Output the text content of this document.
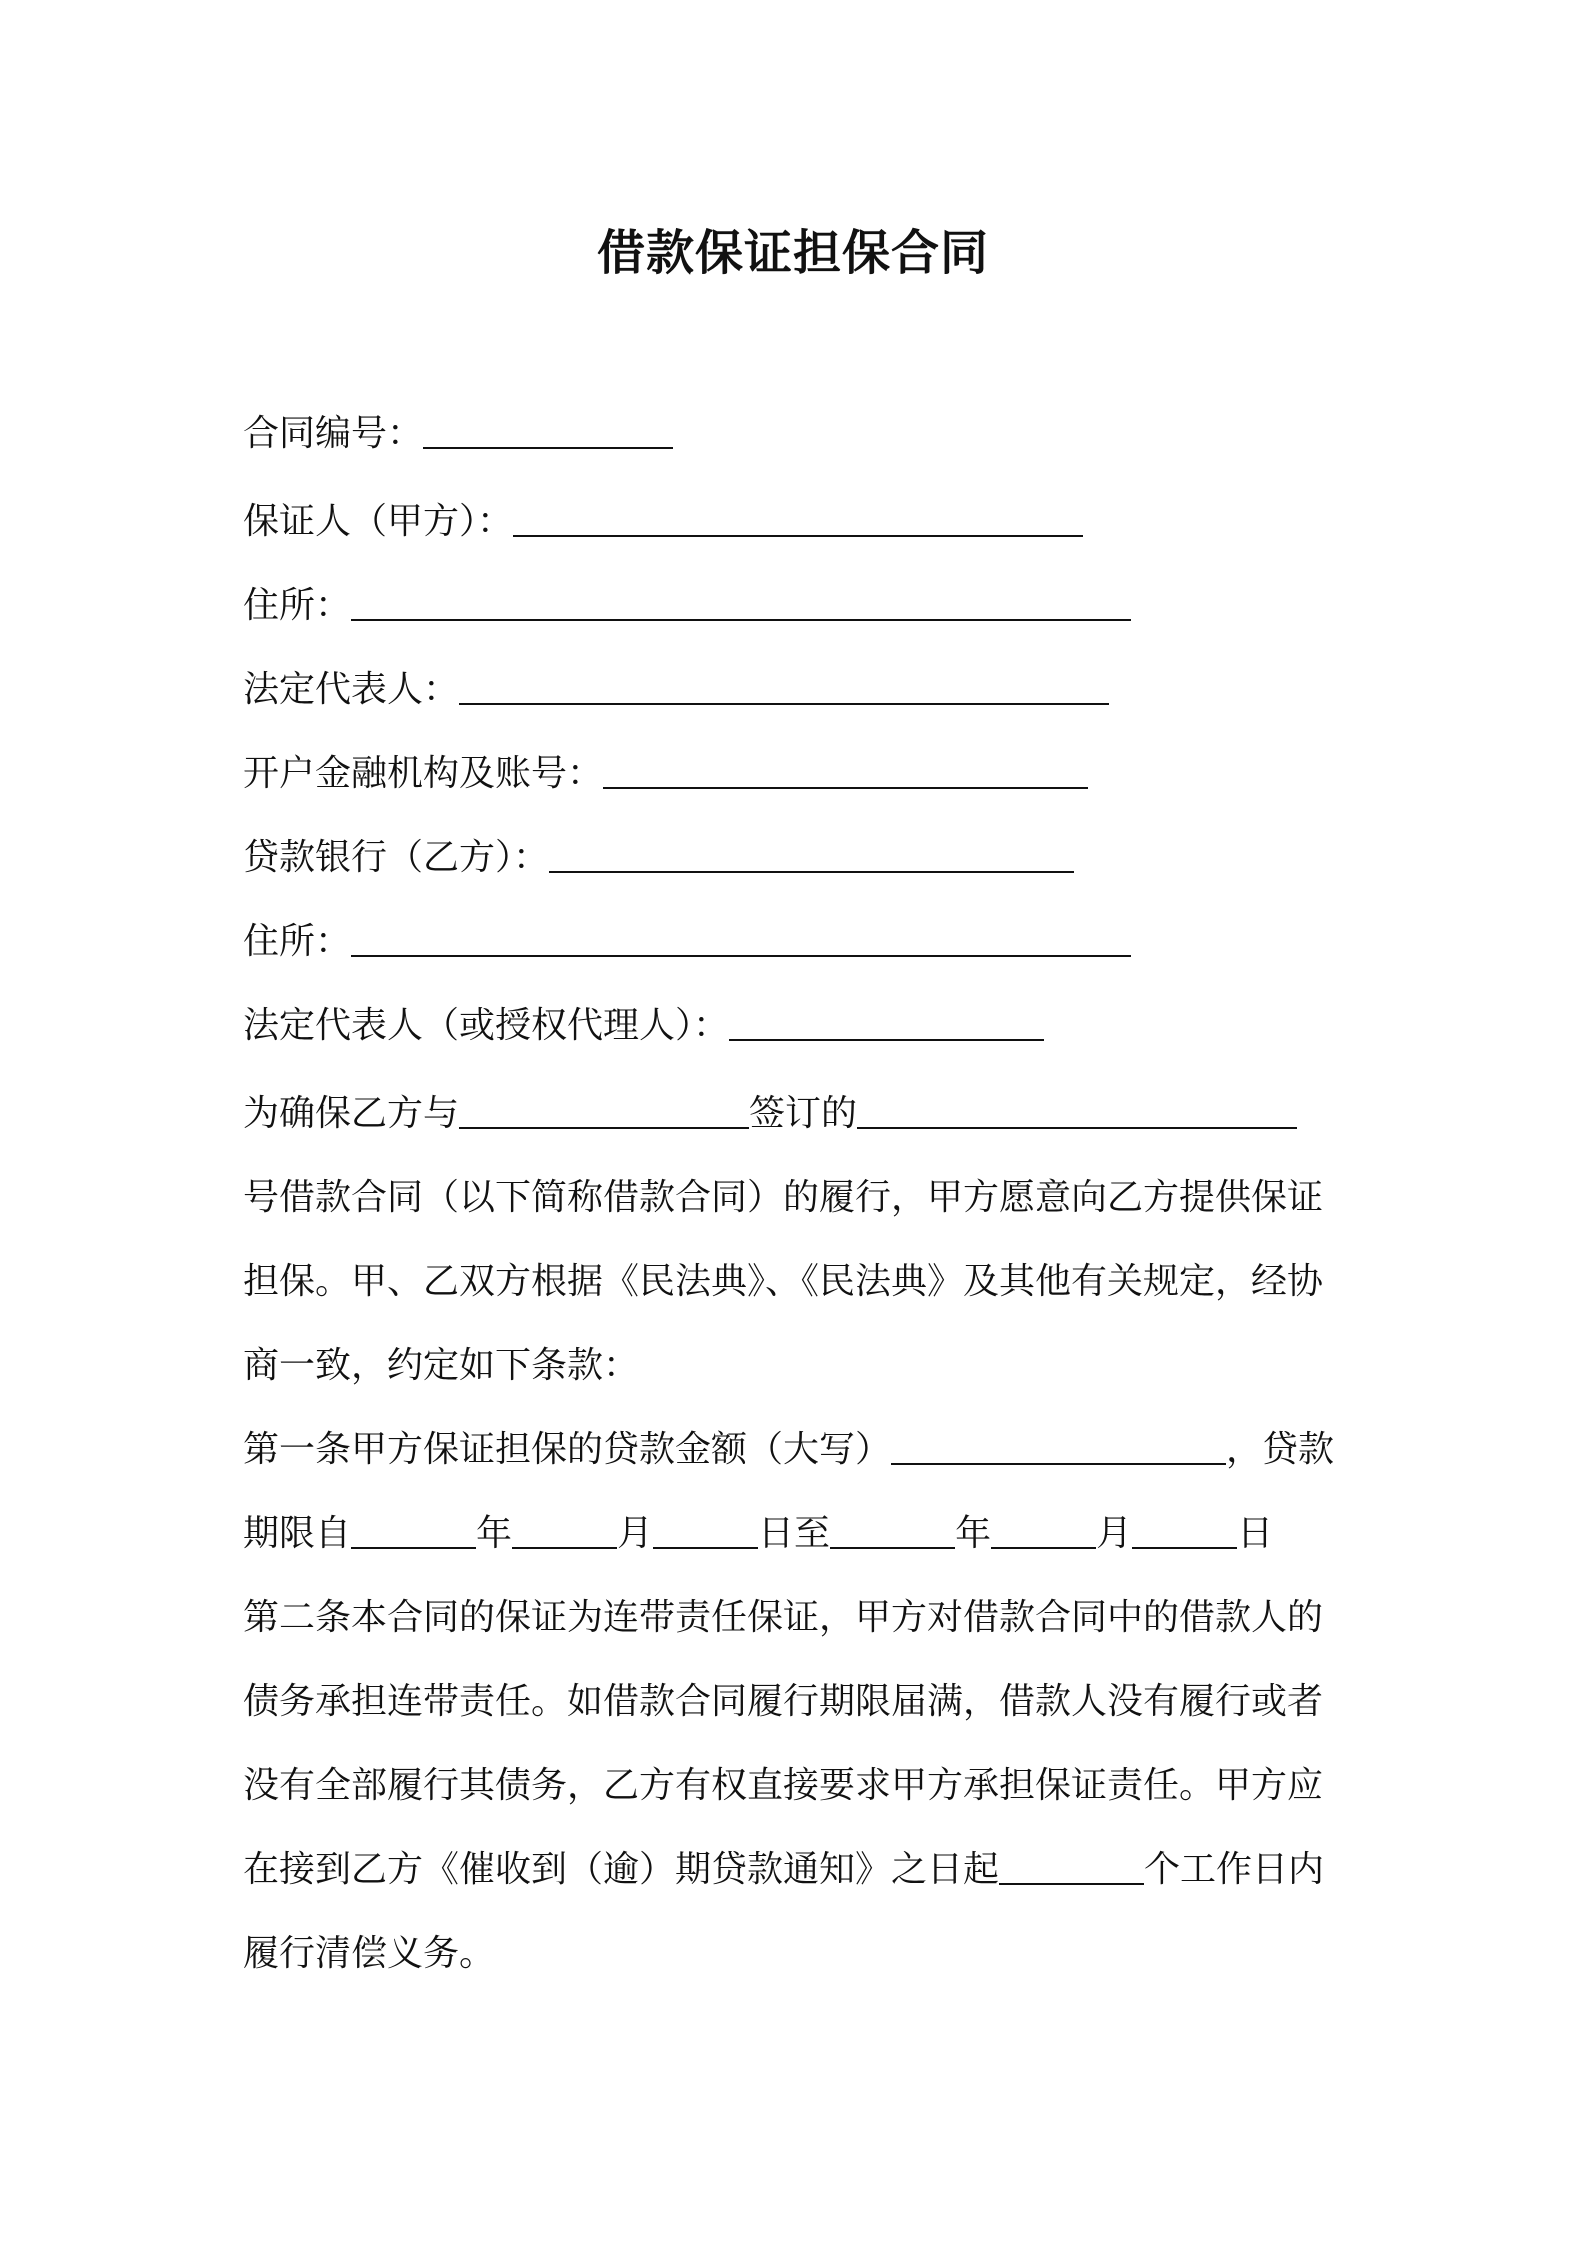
借款保证担保合同
合同编号：
保证人（甲方）：
住所：
法定代表人：
开户金融机构及账号：
贷款银行（乙方）：
住所：
法定代表人（或授权代理人）：
为确保乙方与	签订的
号借款合同（以下简称借款合同）的履行，甲方愿意向乙方提供保证
担保。甲、乙双方根据《民法典》、《民法典》及其他有关规定，经协
商一致，约定如下条款：
第一条甲方保证担保的贷款金额（大写）	，贷款
期限自	年	月	日至	年	月	日
第二条本合同的保证为连带责任保证，甲方对借款合同中的借款人的
债务承担连带责任。如借款合同履行期限届满，借款人没有履行或者
没有全部履行其债务，乙方有权直接要求甲方承担保证责任。甲方应
在接到乙方《催收到（逾）期贷款通知》之日起	个工作日内
履行清偿义务。
